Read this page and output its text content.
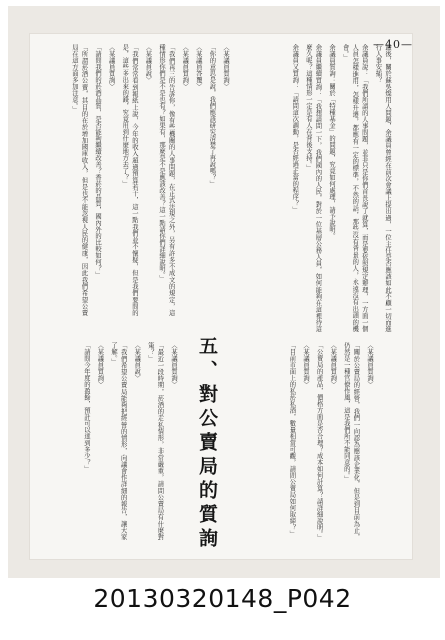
—40—

最後，關於蘇吳燦用人問題，余議員曾經在前次會議上提出過，一位主任是否應該如此不顧一切而進行人事安插？

余議員說：「我們所謂的人事問題，並非只是你們首長說了就算，而是要依照規定辦理，一方面一個人員怎樣進用，怎樣升遷，都應有一定的標準，不然的話，那些沒有背景的人，永遠沒有出頭的機會。」

余議員質詢：關於「特種基金」的問題，究竟如何處理，請予說明。

余議員繼續質詢：「我想請問一下，我們國內的人民，對於一位基層公務人員，如何能夠在這裡待這麼久呢？這種情形一定是有人在背後支持。」

余議員又質詢：「請問這次調動，是否經過正當的程序？」

〈某議員質詢〉

「你的意思是說，我們應該研究清楚了再說嗎？」

〈某議員答覆〉

〈某議員質詢〉

「我們再三的告訴你，像有些機關的人事問題，在正式法規之外，另有許多不成文的規定，這種情形你們是不是也有？如果有，那麼是不是應該改善？這一點請你們詳細說明。」

〈某議員說〉

「我們常常看到報紙上說，今年的收入超過預算若干，這一點我們並不懷疑，但是我們要問的是，這些多出來的錢，究竟用到什麼地方去了？」

〈某議員質詢〉

「請問我們的菸酒品質，是否能夠繼續改善？香菸的品質，國內外的比較如何？」

「所謂菸酒公賣，其目的在於增加國庫收入，但是也不能忽視人民的健康，因此我們希望公賣局在這方面多加注意。」

〈某議員質詢〉

「關於公賣局的經營，我們一向認為應該企業化，但是到目前為止，仍然是一種官僚作風，這是我們所不能同意的。」

〈某議員質詢〉

「公賣局的產品，價格方面是否合理？成本如何計算？請詳細說明。」

〈某議員質詢〉

「目前市面上的私菸私酒，數量相當可觀，請問公賣局如何取締？」

五、對公賣局的質詢

〈某議員質詢〉

「最近一段時期，菸酒的走私情形，非常嚴重，請問公賣局有什麼對策？」

〈某議員說〉

「我們希望公賣局能夠把經營的情形，向議會作詳細的報告，讓大家了解。」

〈某議員質詢〉

「請問今年度的盈餘，預計可以達到多少？」

20130320148_P042
